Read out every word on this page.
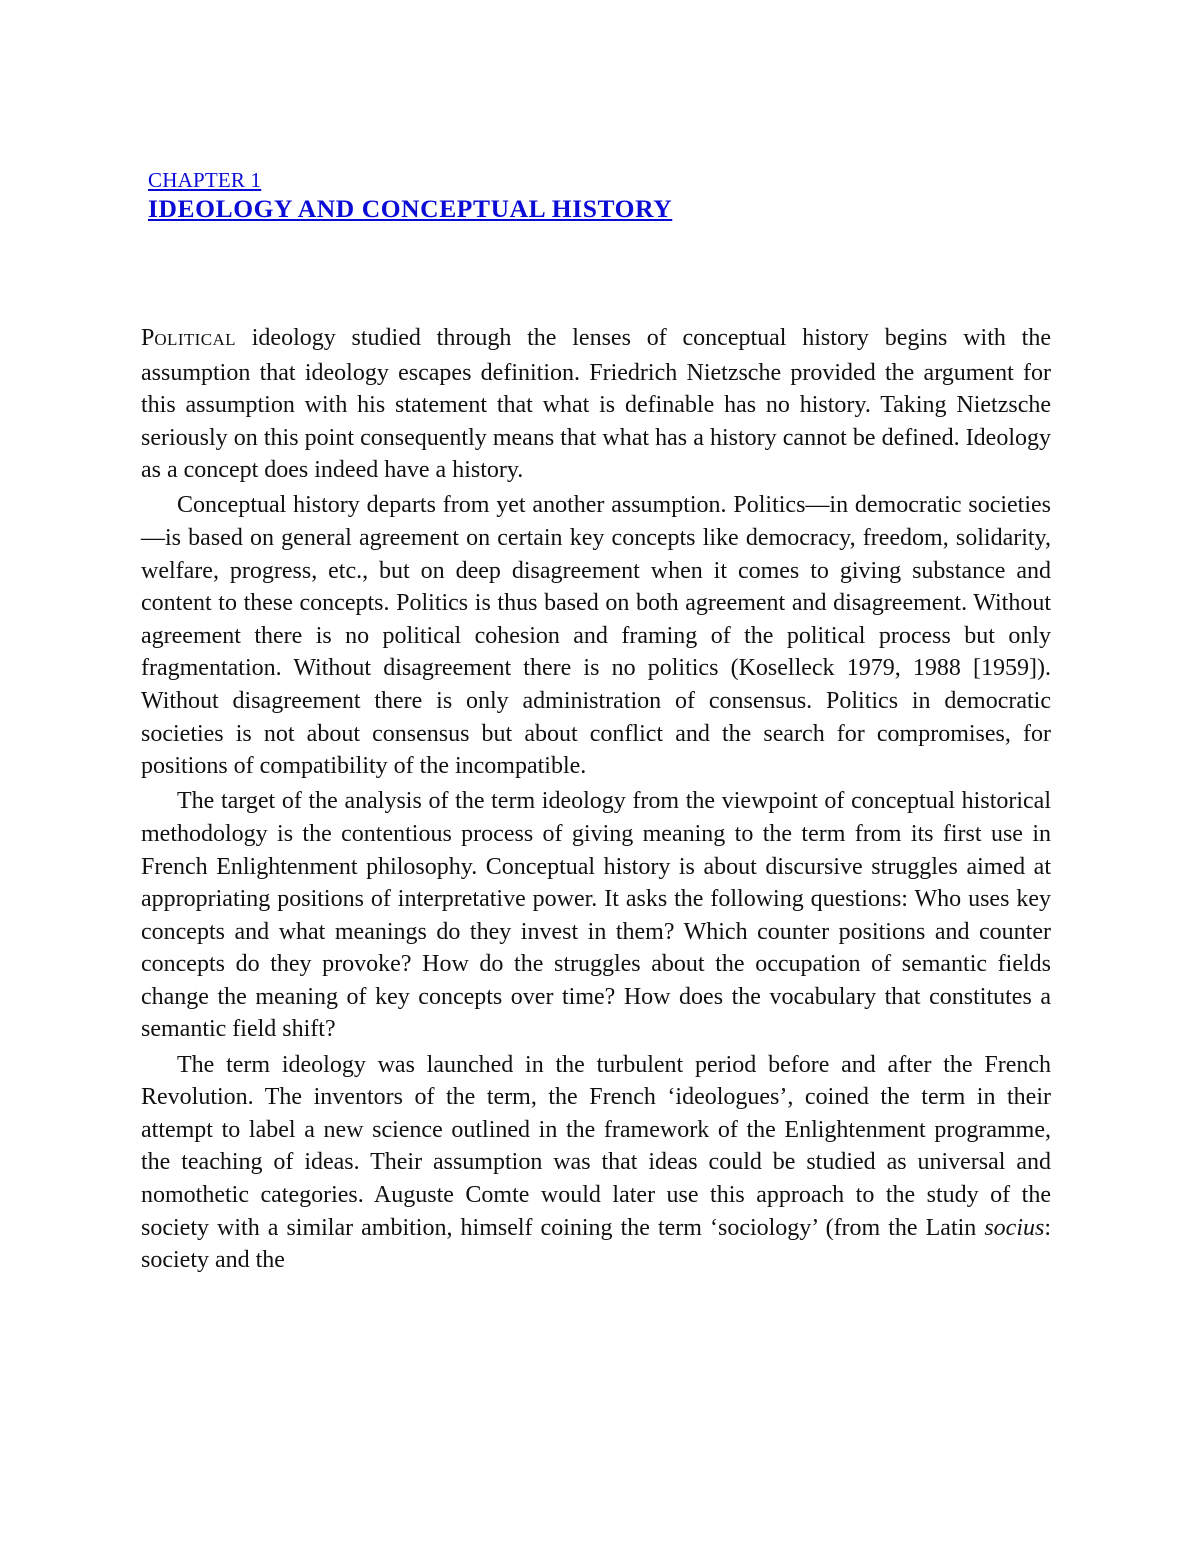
CHAPTER 1
IDEOLOGY AND CONCEPTUAL HISTORY

POLITICAL ideology studied through the lenses of conceptual history begins with the assumption that ideology escapes definition. Friedrich Nietzsche provided the argument for this assumption with his statement that what is definable has no history. Taking Nietzsche seriously on this point consequently means that what has a history cannot be defined. Ideology as a concept does indeed have a history.

Conceptual history departs from yet another assumption. Politics—in democratic societies—is based on general agreement on certain key concepts like democracy, freedom, solidarity, welfare, progress, etc., but on deep disagreement when it comes to giving substance and content to these concepts. Politics is thus based on both agreement and disagreement. Without agreement there is no political cohesion and framing of the political process but only fragmentation. Without disagreement there is no politics (Koselleck 1979, 1988 [1959]). Without disagreement there is only administration of consensus. Politics in democratic societies is not about consensus but about conflict and the search for compromises, for positions of compatibility of the incompatible.

The target of the analysis of the term ideology from the viewpoint of conceptual historical methodology is the contentious process of giving meaning to the term from its first use in French Enlightenment philosophy. Conceptual history is about discursive struggles aimed at appropriating positions of interpretative power. It asks the following questions: Who uses key concepts and what meanings do they invest in them? Which counter positions and counter concepts do they provoke? How do the struggles about the occupation of semantic fields change the meaning of key concepts over time? How does the vocabulary that constitutes a semantic field shift?

The term ideology was launched in the turbulent period before and after the French Revolution. The inventors of the term, the French ‘ideologues’, coined the term in their attempt to label a new science outlined in the framework of the Enlightenment programme, the teaching of ideas. Their assumption was that ideas could be studied as universal and nomothetic categories. Auguste Comte would later use this approach to the study of the society with a similar ambition, himself coining the term ‘sociology’ (from the Latin socius: society and the
